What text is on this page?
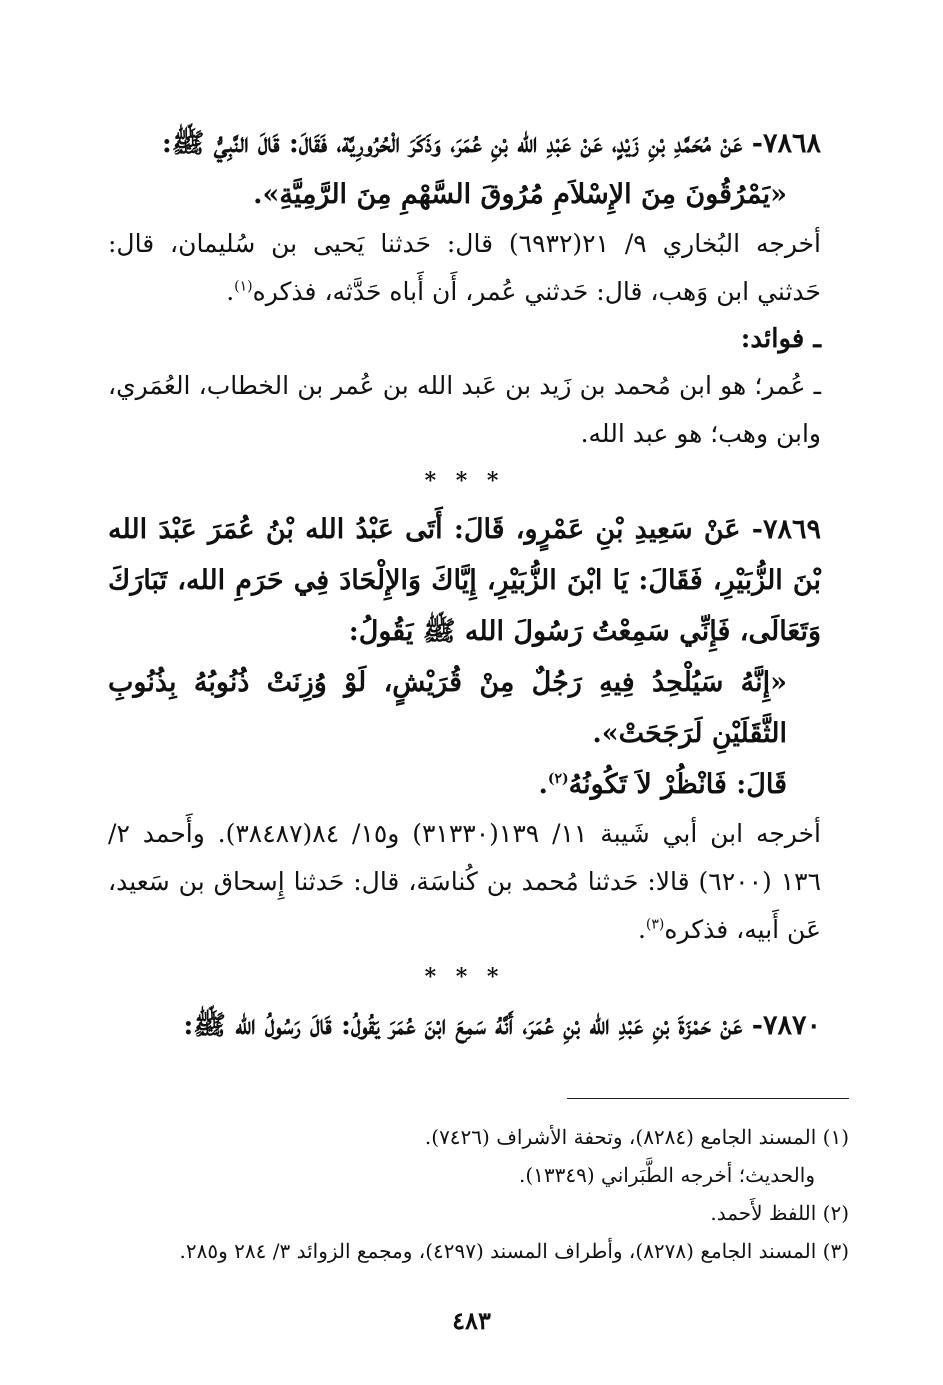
٧٨٦٨- عَنْ مُحَمَّدِ بْنِ زَيْدٍ، عَنْ عَبْدِ الله بْنِ عُمَرَ، وَذَكَرَ الْحُرُورِيَّة، فَقَالَ: قَالَ النَّبِيُّ ﷺ:

«يَمْرُقُونَ مِنَ الإِسْلاَمِ مُرُوقَ السَّهْمِ مِنَ الرَّمِيَّةِ».

أخرجه البُخاري ٩/ ٢١(٦٩٣٢) قال: حَدثنا يَحيى بن سُليمان، قال: حَدثني ابن وَهب، قال: حَدثني عُمر، أَن أَباه حَدَّثه، فذكره$^{(١)}$.

ـ فوائد:

ـ عُمر؛ هو ابن مُحمد بن زَيد بن عَبد الله بن عُمر بن الخطاب، العُمَري، وابن وهب؛ هو عبد الله.

* * *

٧٨٦٩- عَنْ سَعِيدِ بْنِ عَمْرٍو، قَالَ: أَتَى عَبْدُ الله بْنُ عُمَرَ عَبْدَ الله بْنَ الزُّبَيْرِ، فَقَالَ: يَا ابْنَ الزُّبَيْرِ، إِيَّاكَ وَالإِلْحَادَ فِي حَرَمِ الله، تَبَارَكَ وَتَعَالَى، فَإِنِّي سَمِعْتُ رَسُولَ الله ﷺ يَقُولُ:

«إِنَّهُ سَيُلْحِدُ فِيهِ رَجُلٌ مِنْ قُرَيْشٍ، لَوْ وُزِنَتْ ذُنُوبُهُ بِذُنُوبِ الثَّقَلَيْنِ لَرَجَحَتْ».

قَالَ: فَانْظُرْ لاَ تَكُونُهُ$^{(٢)}$.

أخرجه ابن أبي شَيبة ١١/ ١٣٩(٣١٣٣٠) و١٥/ ٨٤(٣٨٤٨٧). وأَحمد ٢/ ١٣٦ (٦٢٠٠) قالا: حَدثنا مُحمد بن كُناسَة، قال: حَدثنا إِسحاق بن سَعيد، عَن أَبيه، فذكره$^{(٣)}$.

* * *

٧٨٧٠- عَنْ حَمْزَةَ بْنِ عَبْدِ الله بْنِ عُمَرَ، أَنَّهُ سَمِعَ ابْنَ عُمَرَ يَقُولُ: قَالَ رَسُولُ الله ﷺ:

(١) المسند الجامع (٨٢٨٤)، وتحفة الأشراف (٧٤٢٦).

والحديث؛ أخرجه الطَّبَراني (١٣٣٤٩).

(٢) اللفظ لأَحمد.

(٣) المسند الجامع (٨٢٧٨)، وأطراف المسند (٤٢٩٧)، ومجمع الزوائد ٣/ ٢٨٤ و٢٨٥.

٤٨٣
